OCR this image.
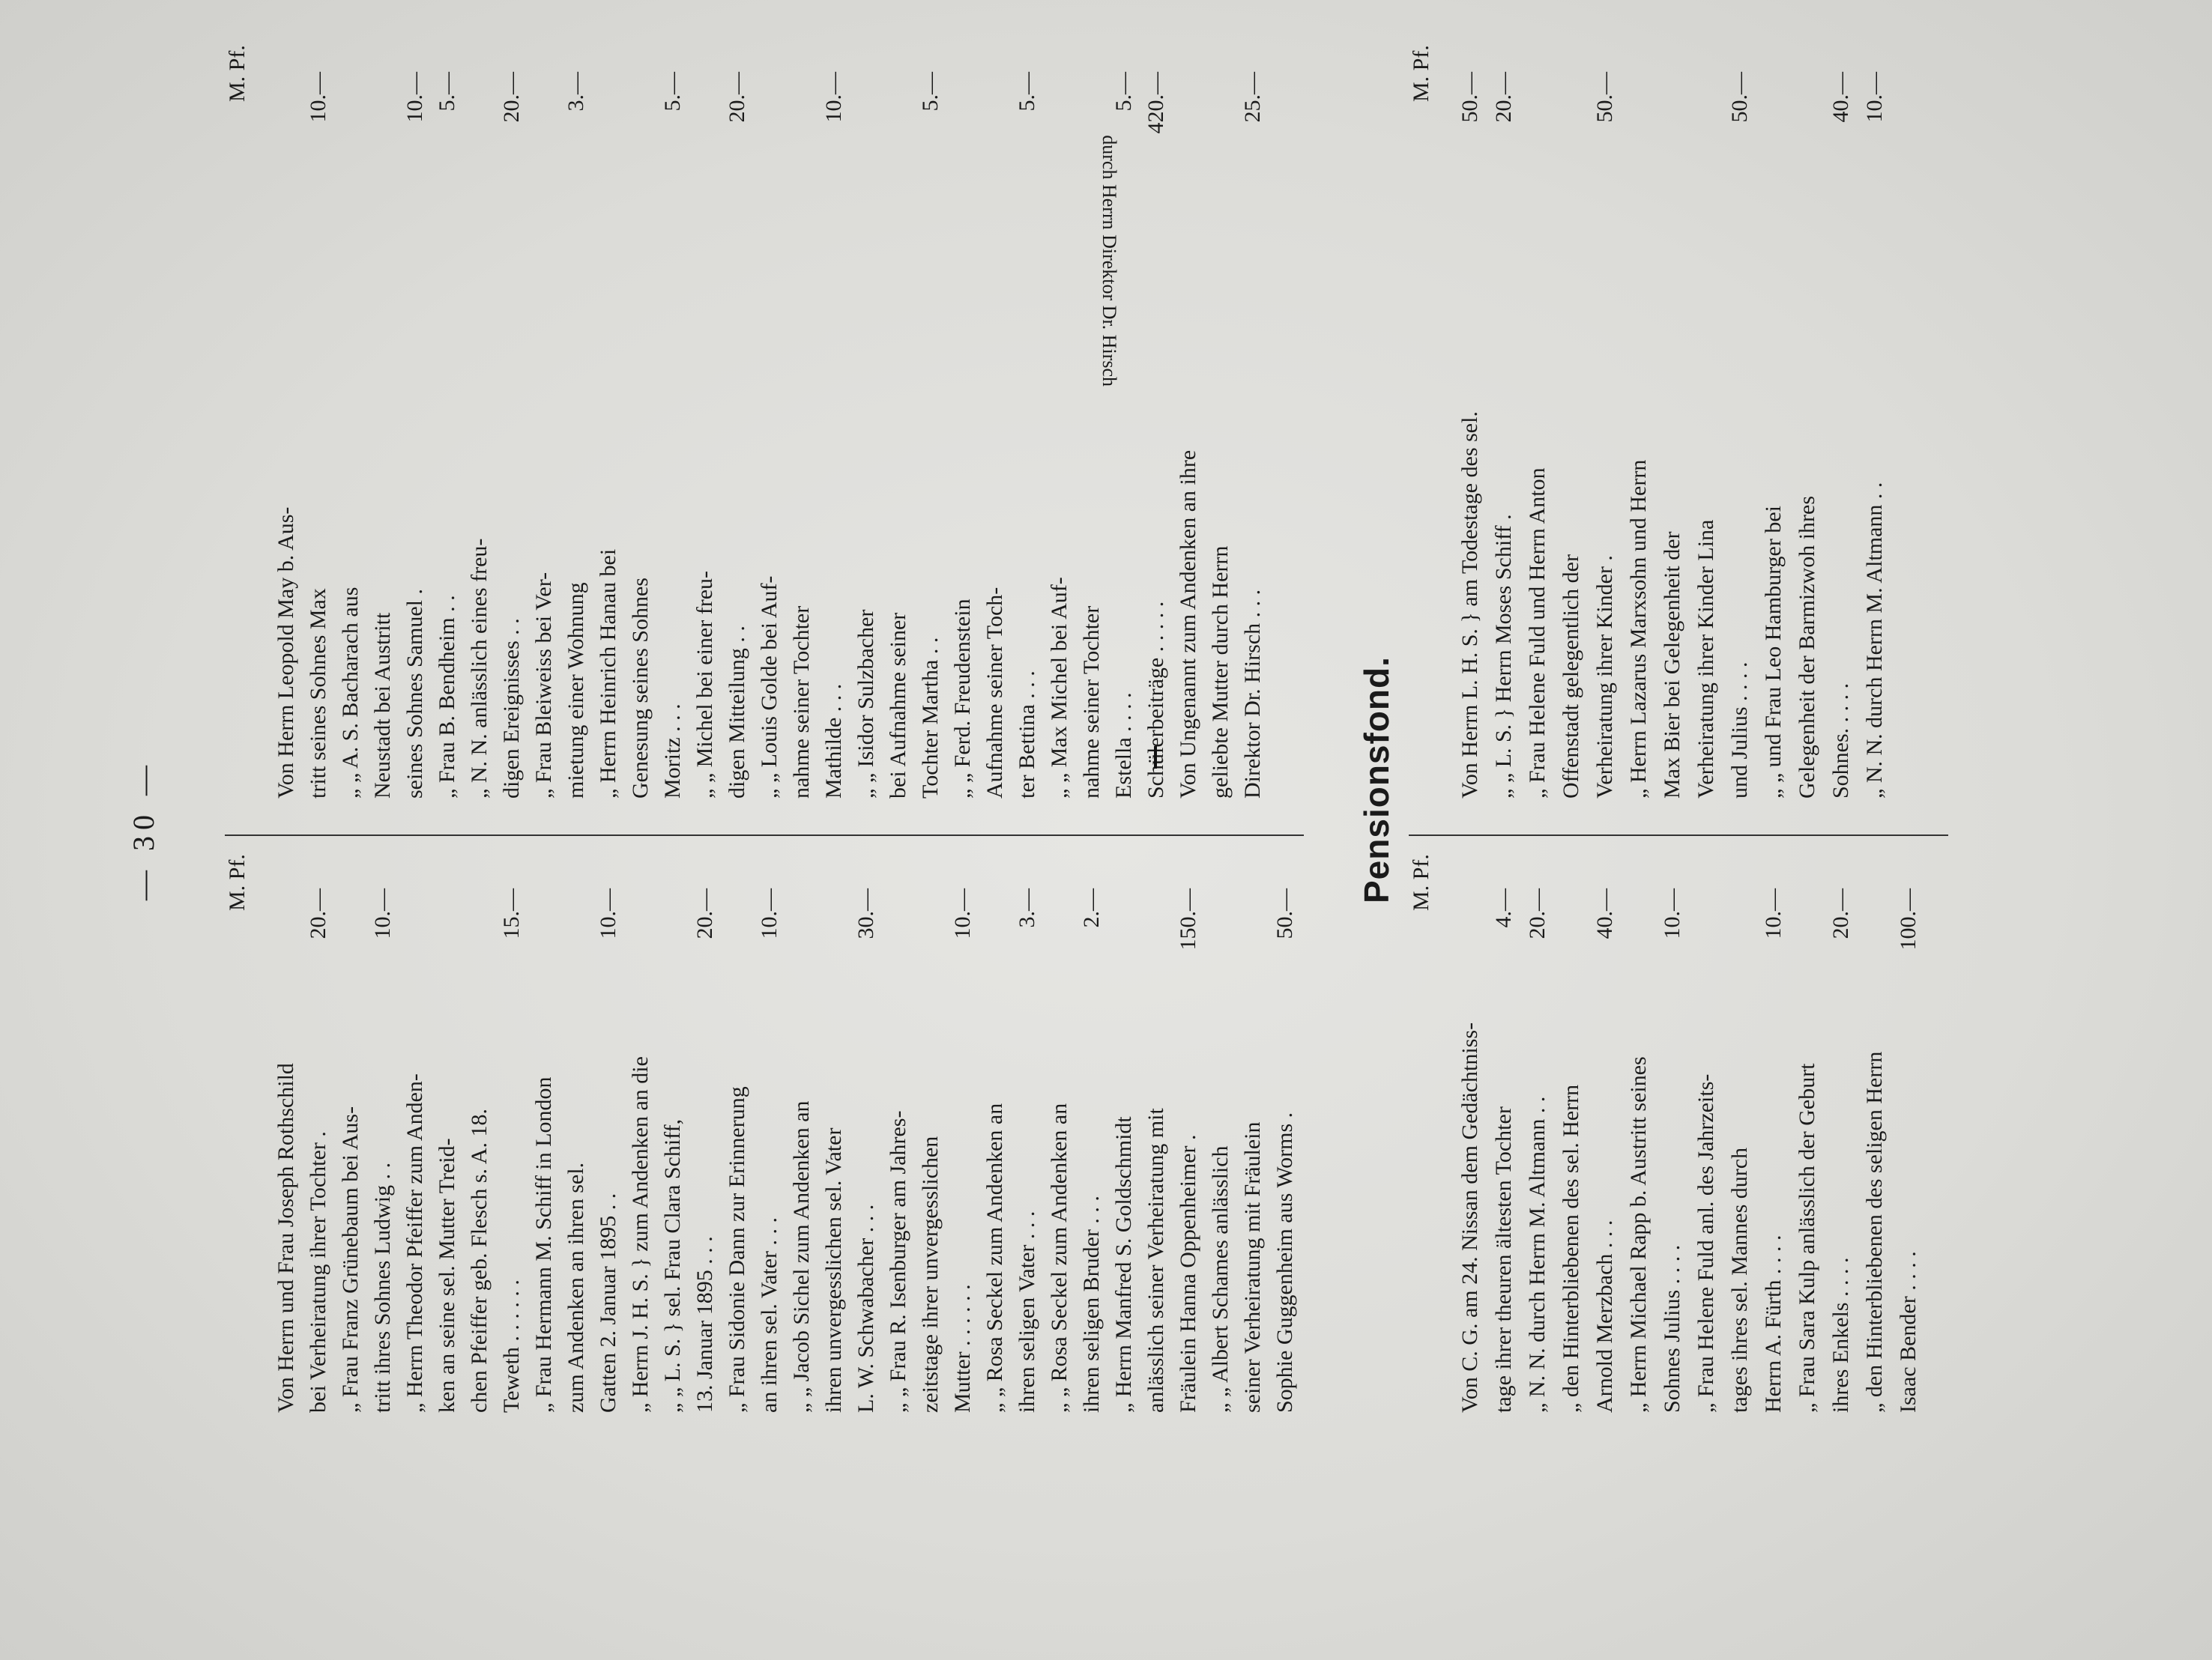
— 30 —	M. Pf.
M. Pf.
Von Herrn und Frau Joseph Rothschild bei Verheiratung ihrer Tochter .
20.—
„ Frau Franz Grünebaum bei Aus- tritt ihres Sohnes Ludwig . .
10.—
„ Herrn Theodor Pfeiffer zum Anden- ken an seine sel. Mutter Treid- chen Pfeiffer geb. Flesch s. A. 18. Teweth . . . . . .
15.—
„ Frau Hermann M. Schiff in London zum Andenken an ihren sel. Gatten 2. Januar 1895 . .
10.—
„ Herrn J. H. S. } zum Andenken an die „ „ L. S. } sel. Frau Clara Schiff, 13. Januar 1895 . . .
20.—
„ Frau Sidonie Dann zur Erinnerung an ihren sel. Vater . . .
10.—
„ „ Jacob Sichel zum Andenken an ihren unvergesslichen sel. Vater L. W. Schwabacher . . .
30.—
„ „ Frau R. Isenburger am Jahres- zeitstage ihrer unvergesslichen Mutter . . . . . .
10.—
„ „ Rosa Seckel zum Andenken an ihren seligen Vater . . .
3.—
„ „ Rosa Seckel zum Andenken an ihren seligen Bruder . . .
2.—
„ Herrn Manfred S. Goldschmidt anlässlich seiner Verheiratung mit Fräulein Hanna Oppenheimer .
150.—
„ „ Albert Schames anlässlich seiner Verheiratung mit Fräulein Sophie Guggenheim aus Worms .
50.—
Von Herrn Leopold May b. Aus- tritt seines Sohnes Max
10.—
„ „ A. S. Bacharach aus Neustadt bei Austritt seines Sohnes Samuel .
10.—
„ Frau B. Bendheim . .
5.—
„ N. N. anlässlich eines freu- digen Ereignisses . .
20.—
„ Frau Bleiweiss bei Ver- mietung einer Wohnung
3.—
„ Herrn Heinrich Hanau bei Genesung seines Sohnes Moritz . . .
5.—
„ „ Michel bei einer freu- digen Mitteilung . .
20.—
„ „ Louis Golde bei Auf- nahme seiner Tochter Mathilde . . .
10.—
„ „ Isidor Sulzbacher bei Aufnahme seiner Tochter Martha . .
5.—
„ „ Ferd. Freudenstein Aufnahme seiner Toch- ter Bettina . . .
5.—
„ „ Max Michel bei Auf- nahme seiner Tochter Estella . . . .
5.—
Schülerbeiträge . . . . .
420.—
Von Ungenannt zum Andenken an ihre geliebte Mutter durch Herrn Direktor Dr. Hirsch . . .
25.—
durch Herrn Direktor Dr. Hirsch
Pensionsfond. M. Pf.
M. Pf.
Von C. G. am 24. Nissan dem Gedächtniss- tage ihrer theuren ältesten Tochter
4.—
„ N. N. durch Herrn M. Altmann . .
20.—
„ den Hinterbliebenen des sel. Herrn Arnold Merzbach . . .
40.—
„ Herrn Michael Rapp b. Austritt seines Sohnes Julius . . . .
10.—
„ Frau Helene Fuld anl. des Jahrzeits- tages ihres sel. Mannes durch Herrn A. Fürth . . . .
10.—
„ Frau Sara Kulp anlässlich der Geburt ihres Enkels . . . .
20.—
„ den Hinterbliebenen des seligen Herrn Isaac Bender . . . .
100.—
Von Herrn L. H. S. } am Todestage des sel.
50.—
„ „ L. S. } Herrn Moses Schiff .
20.—
„ Frau Helene Fuld und Herrn Anton Offenstadt gelegentlich der Verheiratung ihrer Kinder .
50.—
„ Herrn Lazarus Marxsohn und Herrn Max Bier bei Gelegenheit der Verheiratung ihrer Kinder Lina und Julius . . . .
50.—
„ „ und Frau Leo Hamburger bei Gelegenheit der Barmizwoh ihres Sohnes. . . . .
40.—
„ N. N. durch Herrn M. Altmann . .
10.—
